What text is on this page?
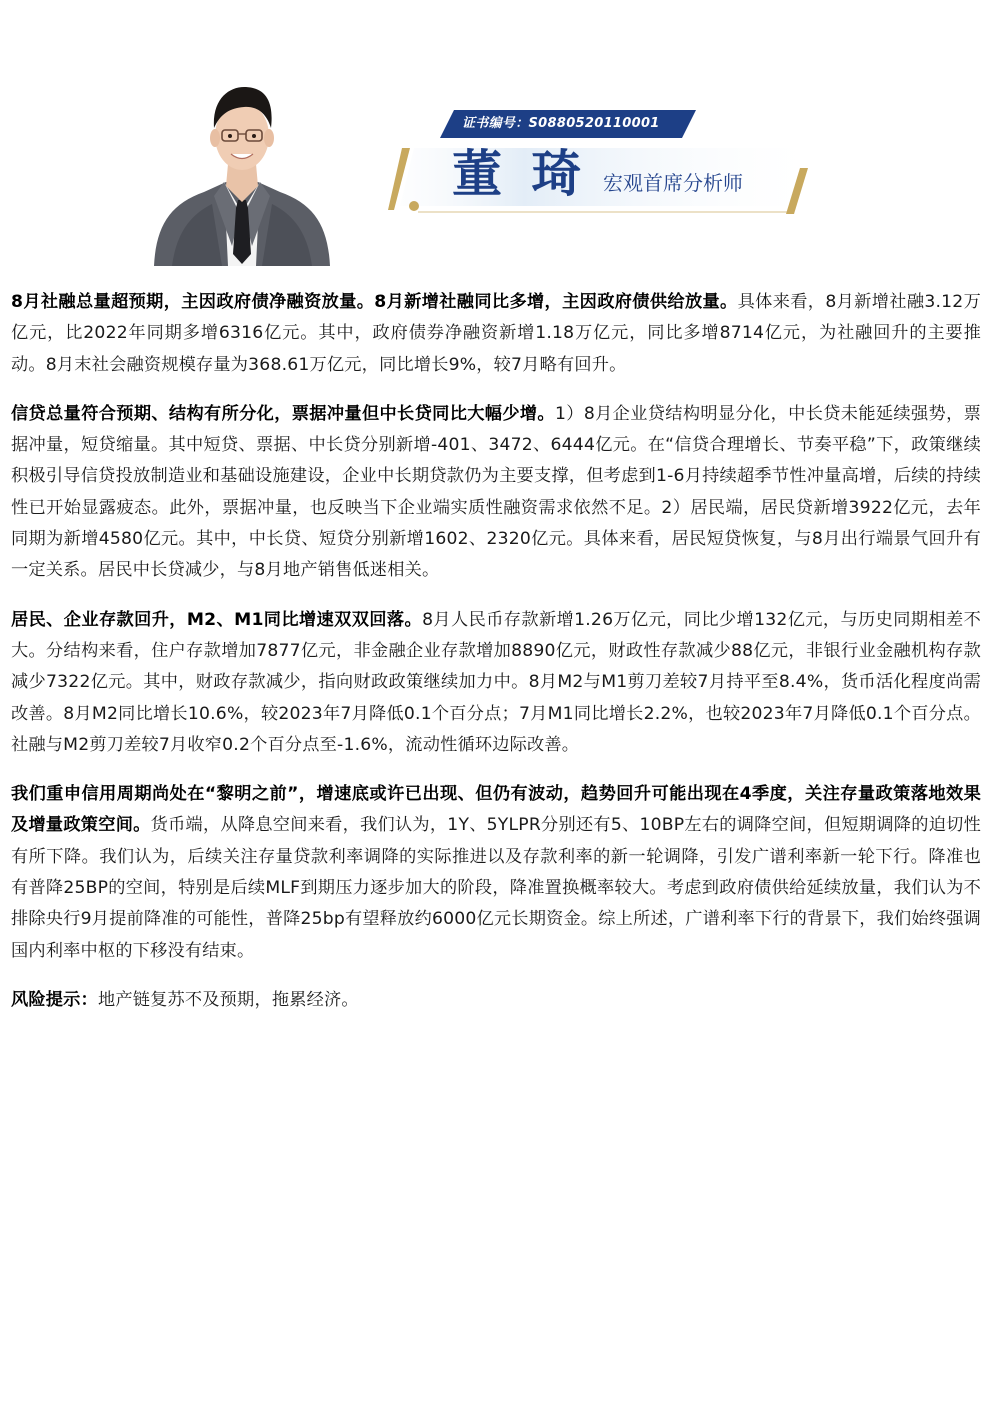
证书编号：S0880520110001
董 琦 宏观首席分析师

8月社融总量超预期，主因政府债净融资放量。8月新增社融同比多增，主因政府债供给放量。具体来看，8月新增社融3.12万亿元，比2022年同期多增6316亿元。其中，政府债券净融资新增1.18万亿元，同比多增8714亿元，为社融回升的主要推动。8月末社会融资规模存量为368.61万亿元，同比增长9%，较7月略有回升。

信贷总量符合预期、结构有所分化，票据冲量但中长贷同比大幅少增。1）8月企业贷结构明显分化，中长贷未能延续强势，票据冲量，短贷缩量。其中短贷、票据、中长贷分别新增-401、3472、6444亿元。在“信贷合理增长、节奏平稳”下，政策继续积极引导信贷投放制造业和基础设施建设，企业中长期贷款仍为主要支撑，但考虑到1-6月持续超季节性冲量高增，后续的持续性已开始显露疲态。此外，票据冲量，也反映当下企业端实质性融资需求依然不足。2）居民端，居民贷新增3922亿元，去年同期为新增4580亿元。其中，中长贷、短贷分别新增1602、2320亿元。具体来看，居民短贷恢复，与8月出行端景气回升有一定关系。居民中长贷减少，与8月地产销售低迷相关。

居民、企业存款回升，M2、M1同比增速双双回落。8月人民币存款新增1.26万亿元，同比少增132亿元，与历史同期相差不大。分结构来看，住户存款增加7877亿元，非金融企业存款增加8890亿元，财政性存款减少88亿元，非银行业金融机构存款减少7322亿元。其中，财政存款减少，指向财政政策继续加力中。8月M2与M1剪刀差较7月持平至8.4%，货币活化程度尚需改善。8月M2同比增长10.6%，较2023年7月降低0.1个百分点；7月M1同比增长2.2%，也较2023年7月降低0.1个百分点。社融与M2剪刀差较7月收窄0.2个百分点至-1.6%，流动性循环边际改善。

我们重申信用周期尚处在“黎明之前”，增速底或许已出现、但仍有波动，趋势回升可能出现在4季度，关注存量政策落地效果及增量政策空间。货币端，从降息空间来看，我们认为，1Y、5YLPR分别还有5、10BP左右的调降空间，但短期调降的迫切性有所下降。我们认为，后续关注存量贷款利率调降的实际推进以及存款利率的新一轮调降，引发广谱利率新一轮下行。降准也有普降25BP的空间，特别是后续MLF到期压力逐步加大的阶段，降准置换概率较大。考虑到政府债供给延续放量，我们认为不排除央行9月提前降准的可能性，普降25bp有望释放约6000亿元长期资金。综上所述，广谱利率下行的背景下，我们始终强调国内利率中枢的下移没有结束。

风险提示：地产链复苏不及预期，拖累经济。
